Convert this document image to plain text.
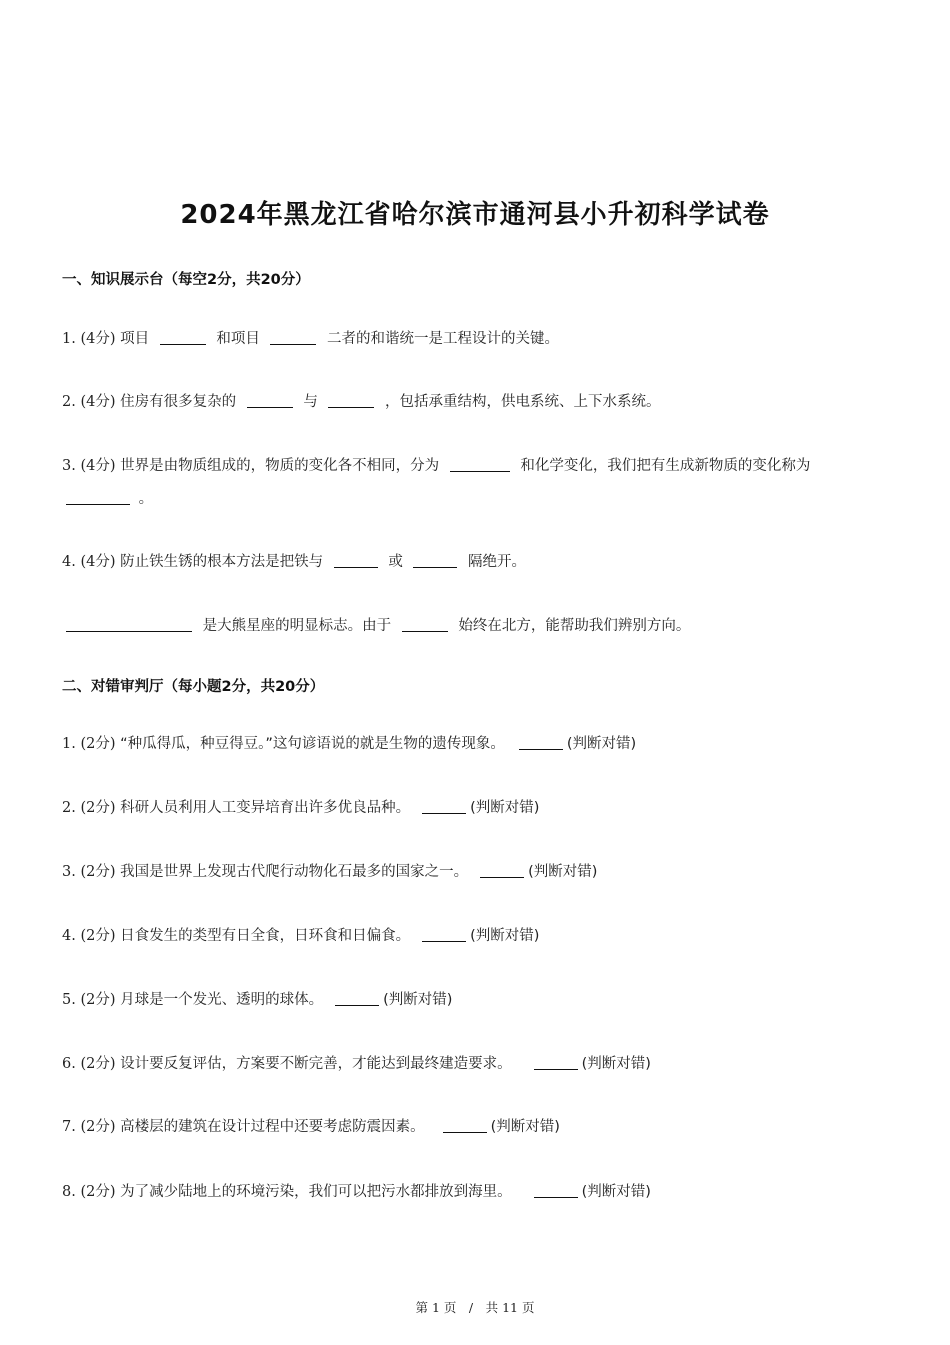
2024年黑龙江省哈尔滨市通河县小升初科学试卷
一、知识展示台（每空2分，共20分）
1. (4分) 项目	和项目	二者的和谐统一是工程设计的关键。
2. (4分) 住房有很多复杂的	与	，包括承重结构，供电系统、上下水系统。
3. (4分) 世界是由物质组成的，物质的变化各不相同，分为	和化学变化，我们把有生成新物质的变化称为
。
4. (4分) 防止铁生锈的根本方法是把铁与	或	隔绝开。
是大熊星座的明显标志。由于	始终在北方，能帮助我们辨别方向。
二、对错审判厅（每小题2分，共20分）
1. (2分) “种瓜得瓜，种豆得豆。”这句谚语说的就是生物的遗传现象。	(判断对错)
2. (2分) 科研人员利用人工变异培育出许多优良品种。	(判断对错)
3. (2分) 我国是世界上发现古代爬行动物化石最多的国家之一。	(判断对错)
4. (2分) 日食发生的类型有日全食，日环食和日偏食。	(判断对错)
5. (2分) 月球是一个发光、透明的球体。	(判断对错)
6. (2分) 设计要反复评估，方案要不断完善，才能达到最终建造要求。	(判断对错)
7. (2分) 高楼层的建筑在设计过程中还要考虑防震因素。	(判断对错)
8. (2分) 为了减少陆地上的环境污染，我们可以把污水都排放到海里。	(判断对错)
第 1 页　/　共 11 页
